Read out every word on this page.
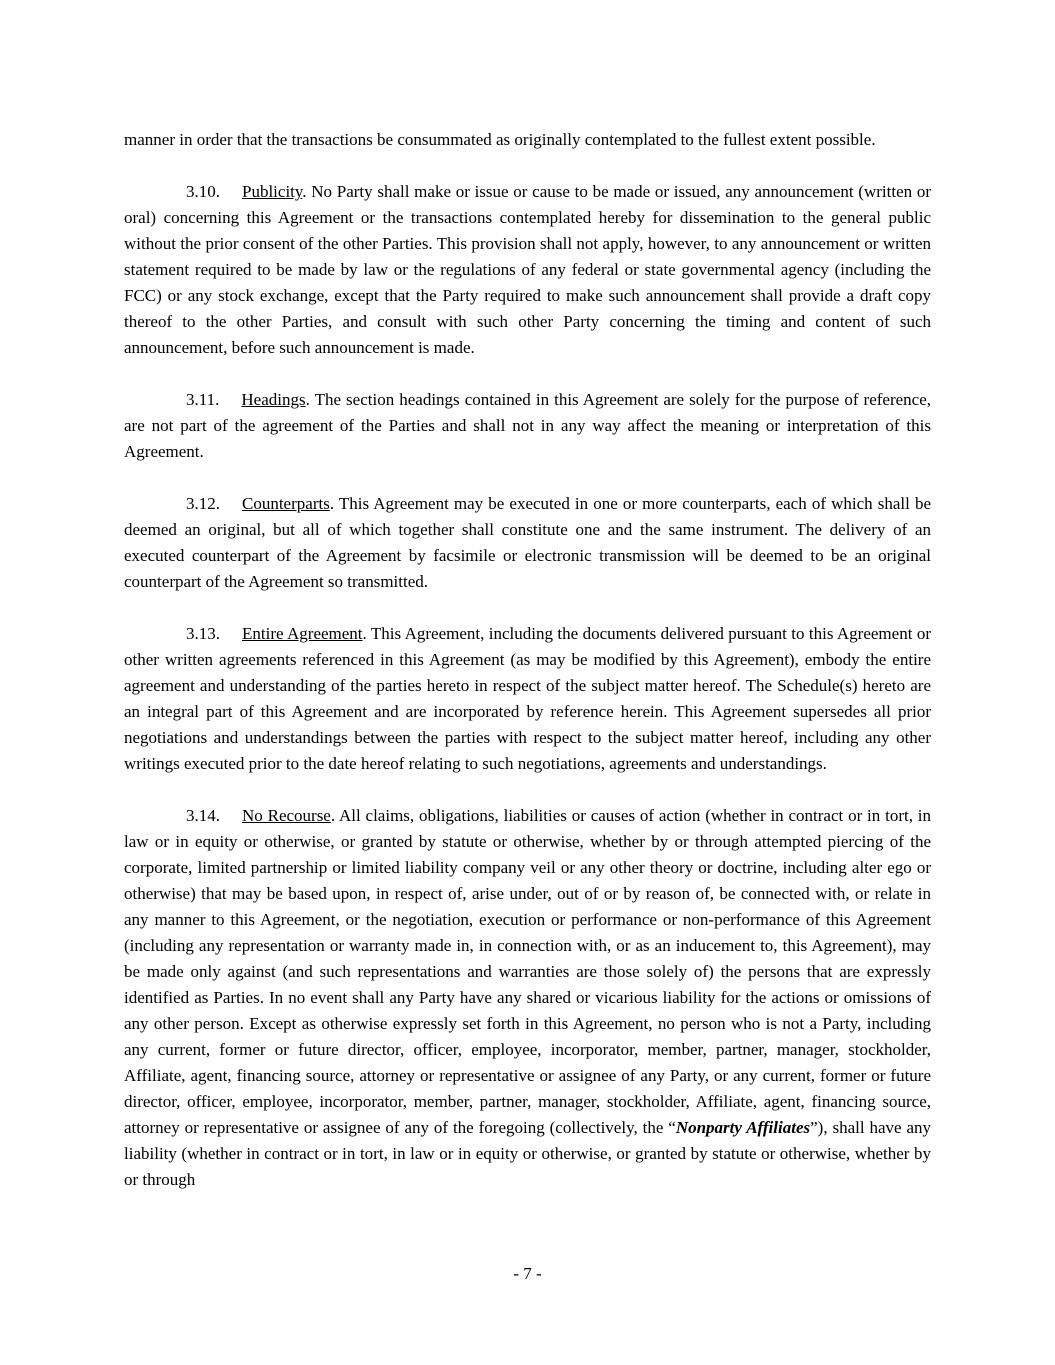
manner in order that the transactions be consummated as originally contemplated to the fullest extent possible.

3.10. Publicity. No Party shall make or issue or cause to be made or issued, any announcement (written or oral) concerning this Agreement or the transactions contemplated hereby for dissemination to the general public without the prior consent of the other Parties. This provision shall not apply, however, to any announcement or written statement required to be made by law or the regulations of any federal or state governmental agency (including the FCC) or any stock exchange, except that the Party required to make such announcement shall provide a draft copy thereof to the other Parties, and consult with such other Party concerning the timing and content of such announcement, before such announcement is made.

3.11. Headings. The section headings contained in this Agreement are solely for the purpose of reference, are not part of the agreement of the Parties and shall not in any way affect the meaning or interpretation of this Agreement.

3.12. Counterparts. This Agreement may be executed in one or more counterparts, each of which shall be deemed an original, but all of which together shall constitute one and the same instrument. The delivery of an executed counterpart of the Agreement by facsimile or electronic transmission will be deemed to be an original counterpart of the Agreement so transmitted.

3.13. Entire Agreement. This Agreement, including the documents delivered pursuant to this Agreement or other written agreements referenced in this Agreement (as may be modified by this Agreement), embody the entire agreement and understanding of the parties hereto in respect of the subject matter hereof. The Schedule(s) hereto are an integral part of this Agreement and are incorporated by reference herein. This Agreement supersedes all prior negotiations and understandings between the parties with respect to the subject matter hereof, including any other writings executed prior to the date hereof relating to such negotiations, agreements and understandings.

3.14. No Recourse. All claims, obligations, liabilities or causes of action (whether in contract or in tort, in law or in equity or otherwise, or granted by statute or otherwise, whether by or through attempted piercing of the corporate, limited partnership or limited liability company veil or any other theory or doctrine, including alter ego or otherwise) that may be based upon, in respect of, arise under, out of or by reason of, be connected with, or relate in any manner to this Agreement, or the negotiation, execution or performance or non-performance of this Agreement (including any representation or warranty made in, in connection with, or as an inducement to, this Agreement), may be made only against (and such representations and warranties are those solely of) the persons that are expressly identified as Parties. In no event shall any Party have any shared or vicarious liability for the actions or omissions of any other person. Except as otherwise expressly set forth in this Agreement, no person who is not a Party, including any current, former or future director, officer, employee, incorporator, member, partner, manager, stockholder, Affiliate, agent, financing source, attorney or representative or assignee of any Party, or any current, former or future director, officer, employee, incorporator, member, partner, manager, stockholder, Affiliate, agent, financing source, attorney or representative or assignee of any of the foregoing (collectively, the “Nonparty Affiliates”), shall have any liability (whether in contract or in tort, in law or in equity or otherwise, or granted by statute or otherwise, whether by or through

- 7 -
